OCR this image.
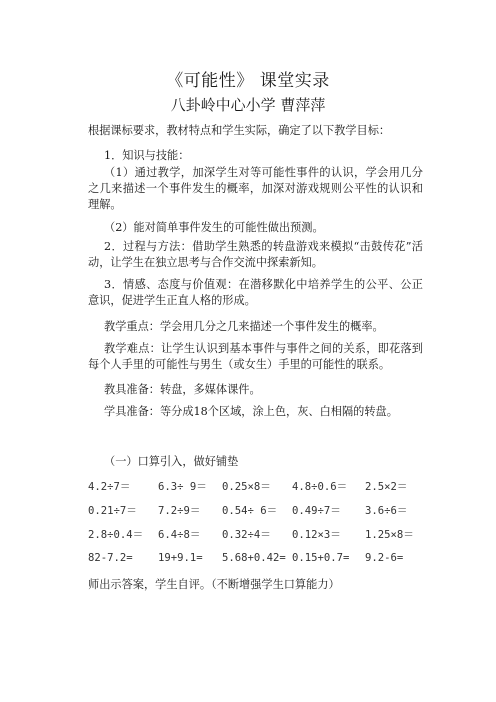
《可能性》 课堂实录
八卦岭中心小学 曹萍萍
根据课标要求，教材特点和学生实际，确定了以下教学目标：
1．知识与技能：
（1）通过教学，加深学生对等可能性事件的认识，学会用几分之几来描述一个事件发生的概率，加深对游戏规则公平性的认识和理解。
（2）能对简单事件发生的可能性做出预测。
2．过程与方法：借助学生熟悉的转盘游戏来模拟“击鼓传花”活动，让学生在独立思考与合作交流中探索新知。
3．情感、态度与价值观：在潜移默化中培养学生的公平、公正意识，促进学生正直人格的形成。
教学重点：学会用几分之几来描述一个事件发生的概率。
教学难点：让学生认识到基本事件与事件之间的关系，即花落到每个人手里的可能性与男生（或女生）手里的可能性的联系。
教具准备：转盘，多媒体课件。
学具准备：等分成18个区域，涂上色，灰、白相隔的转盘。
（一）口算引入，做好铺垫
4.2÷7＝	6.3÷ 9＝ 0.25×8＝ 4.8÷0.6＝ 2.5×2＝
0.21÷7＝ 7.2÷9＝ 0.54÷ 6＝ 0.49÷7＝ 3.6÷6＝
2.8÷0.4＝ 6.4÷8＝ 0.32÷4＝ 0.12×3＝ 1.25×8＝
82-7.2= 19+9.1= 5.68+0.42= 0.15+0.7= 9.2-6=
师出示答案，学生自评。（不断增强学生口算能力）
